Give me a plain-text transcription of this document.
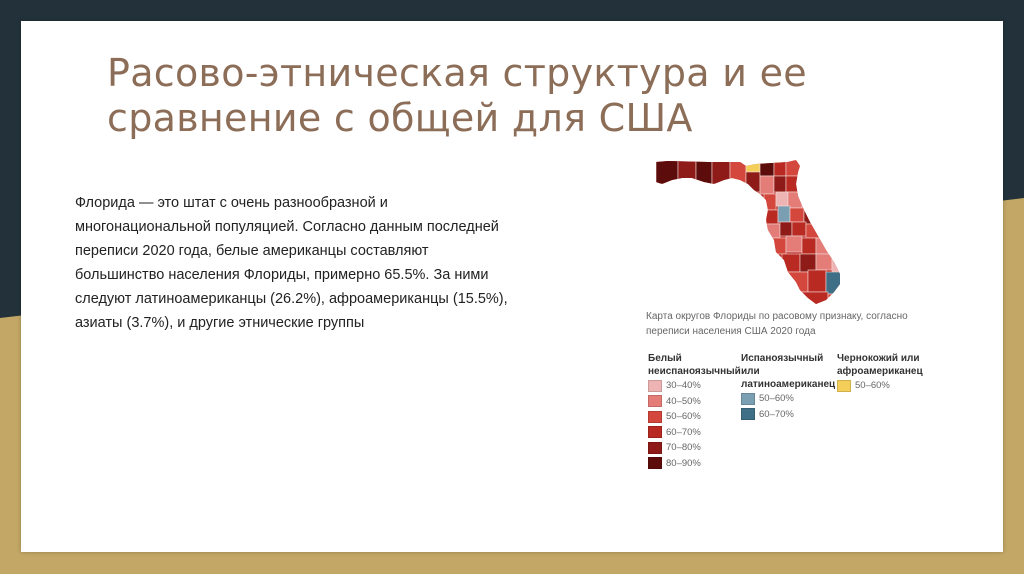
Расово-этническая структура и ее
сравнение с общей для США
Флорида — это штат с очень разнообразной и
многонациональной популяцией. Согласно данным последней
переписи 2020 года, белые американцы составляют
большинство населения Флориды, примерно 65.5%. За ними
следуют латиноамериканцы (26.2%), афроамериканцы (15.5%),
азиаты (3.7%), и другие этнические группы	Карта округов Флориды по расовому признаку, согласно
переписи населения США 2020 года
Белый
неиспаноязычный
30–40%
40–50%
50–60%
60–70%
70–80%
80–90%
Испаноязычный
или
латиноамериканец
50–60%
60–70%
Чернокожий или
афроамериканец
50–60%
